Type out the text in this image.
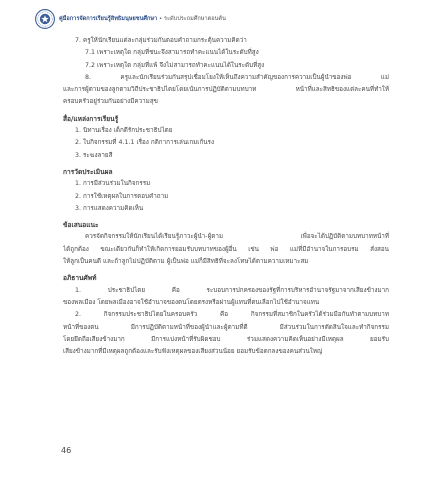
คู่มือการจัดการเรียนรู้สิทธิมนุษยชนศึกษา • ระดับประถมศึกษาตอนต้น
7. ครูให้นักเรียนแต่ละกลุ่มร่วมกันตอบคำถามกระตุ้นความคิดว่า
7.1 เพราะเหตุใด กลุ่มที่ชนะจึงสามารถทำคะแนนได้ในระดับที่สูง
7.2 เพราะเหตุใด กลุ่มที่แพ้ จึงไม่สามารถทำคะแนนได้ในระดับที่สูง
8. ครูและนักเรียนร่วมกันสรุปเชื่อมโยงให้เห็นถึงความสำคัญของการความเป็นผู้นำของพ่อ แม่
และการผู้ตามของลูกตามวิถีประชาธิปไตยโดยเน้นการปฏิบัติตามบทบาท หน้าที่และสิทธิของแต่ละคนที่ทำให้
ครอบครัวอยู่ร่วมกันอย่างมีความสุข
สื่อ/แหล่งการเรียนรู้
1. นิทานเรื่อง เด็กดีรักประชาธิปไตย
2. ใบกิจกรรมที่ 4.1.1 เรื่อง กติกาการเล่นเกมเก้นรง
3. ระฆงลายสี
การวัดประเมินผล
1. การมีส่วนร่วมในกิจกรรม
2. การใช้เหตุผลในการตอบคำถาม
3. การแสดงความคิดเห็น
ข้อเสนอแนะ
ควรจัดกิจกรรมให้นักเรียนได้เรียนรู้ภาวะผู้นำ-ผู้ตาม เพื่อจะได้ปฏิบัติตามบทบาทหน้าที่
ได้ถูกต้อง ขณะเดียวกันก็ทำให้เกิดการยอมรับบทบาทของผู้อื่น เช่น พ่อ แม่ที่มีอำนาจในการอบรม สั่งสอน
ให้ลูกเป็นคนดี และถ้าลูกไม่ปฏิบัติตาม ผู้เป็นพ่อ แม่ก็มีสิทธิที่จะลงโทษได้ตามความเหมาะสม
อภิธานศัพท์
1. ประชาธิปไตย คือ ระบอบการปกครองของรัฐที่การบริหารอำนาจรัฐมาจากเสียงข้างมาก
ของพลเมือง โดยพลเมืองอาจใช้อำนาจของตนโดยตรงหรือผ่านผู้แทนที่ตนเลือกไปใช้อำนาจแทน
2. กิจกรรมประชาธิปไตยในครอบครัว คือ กิจกรรมที่สมาชิกในครัวได้ร่วมมือกันทำตามบทบาท
หน้าที่ของตน มีการปฏิบัติตามหน้าที่ของผู้นำและผู้ตามที่ดี มีส่วนร่วมในการตัดสินใจและทำกิจกรรม
โดยยึดถือเสียงข้างมาก มีการแบ่งหน้าที่รับผิดชอบ ร่วมแสดงความคิดเห็นอย่างมีเหตุผล ยอมรับ
เสียงข้างมากที่มีเหตุผลถูกต้องและรับฟังเหตุผลของเสียงส่วนน้อย ยอมรับข้อตกลงของคนส่วนใหญ่
46
